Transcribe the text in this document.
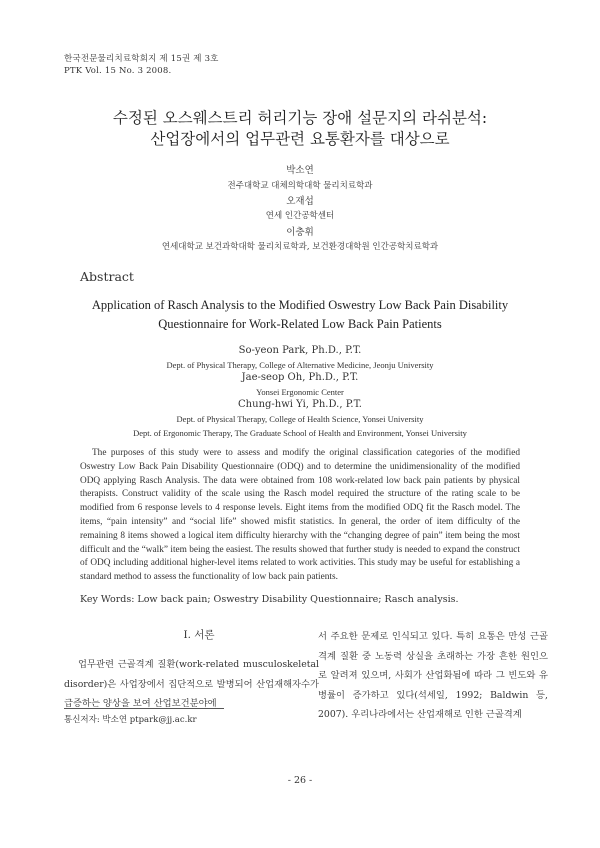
한국전문물리치료학회지 제 15권 제 3호
PTK Vol. 15 No. 3 2008.
수정된 오스웨스트리 허리기능 장애 설문지의 라쉬분석:
산업장에서의 업무관련 요통환자를 대상으로
박소연
전주대학교 대체의학대학 물리치료학과
오재섭
연세 인간공학센터
이충휘
연세대학교 보건과학대학 물리치료학과, 보건환경대학원 인간공학치료학과
Abstract
Application of Rasch Analysis to the Modified Oswestry Low Back Pain Disability
Questionnaire for Work-Related Low Back Pain Patients
So-yeon Park, Ph.D., P.T.
Dept. of Physical Therapy, College of Alternative Medicine, Jeonju University
Jae-seop Oh, Ph.D., P.T.
Yonsei Ergonomic Center
Chung-hwi Yi, Ph.D., P.T.
Dept. of Physical Therapy, College of Health Science, Yonsei University
Dept. of Ergonomic Therapy, The Graduate School of Health and Environment, Yonsei University

The purposes of this study were to assess and modify the original classification categories of the modified Oswestry Low Back Pain Disability Questionnaire (ODQ) and to determine the unidimensionality of the modified ODQ applying Rasch Analysis. The data were obtained from 108 work-related low back pain patients by physical therapists. Construct validity of the scale using the Rasch model required the structure of the rating scale to be modified from 6 response levels to 4 response levels. Eight items from the modified ODQ fit the Rasch model. The items, “pain intensity” and “social life” showed misfit statistics. In general, the order of item difficulty of the remaining 8 items showed a logical item difficulty hierarchy with the “changing degree of pain” item being the most difficult and the “walk” item being the easiest. The results showed that further study is needed to expand the construct of ODQ including additional higher-level items related to work activities. This study may be useful for establishing a standard method to assess the functionality of low back pain patients.

Key Words: Low back pain; Oswestry Disability Questionnaire; Rasch analysis.
Ⅰ. 서론

업무관련 근골격계 질환(work-related musculoskeletal disorder)은 사업장에서 집단적으로 발병되어 산업재해자수가 급증하는 양상을 보여 산업보건분야에

서 주요한 문제로 인식되고 있다. 특히 요통은 만성 근골격계 질환 중 노동력 상실을 초래하는 가장 흔한 원인으로 알려져 있으며, 사회가 산업화됨에 따라 그 빈도와 유병률이 증가하고 있다(석세일, 1992; Baldwin 등, 2007). 우리나라에서는 산업재해로 인한 근골격계

통신저자: 박소연 ptpark@jj.ac.kr
- 26 -
